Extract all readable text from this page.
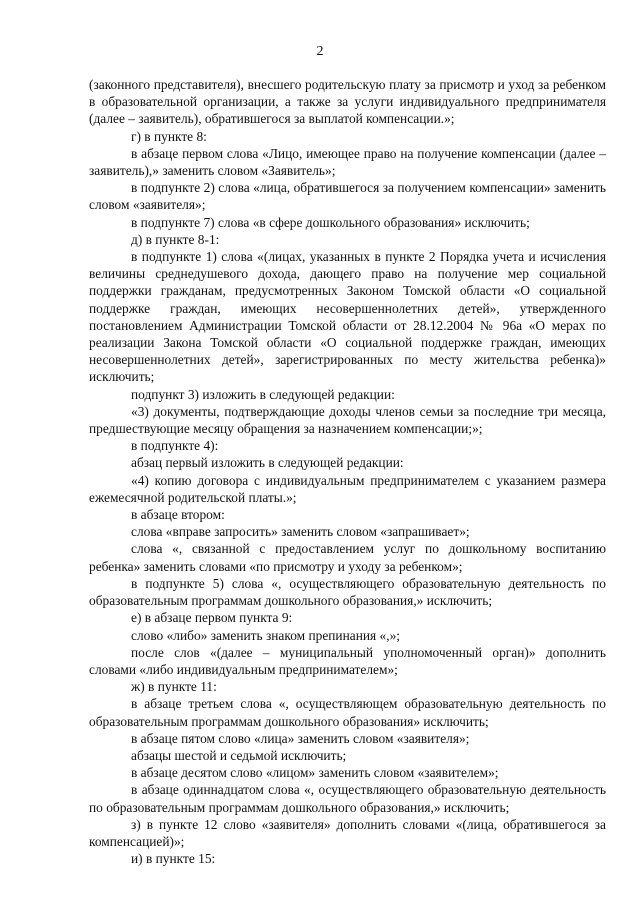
2

(законного представителя), внесшего родительскую плату за присмотр и уход за ребенком в образовательной организации, а также за услуги индивидуального предпринимателя (далее – заявитель), обратившегося за выплатой компенсации.»;

г) в пункте 8:

в абзаце первом слова «Лицо, имеющее право на получение компенсации (далее – заявитель),» заменить словом «Заявитель»;

в подпункте 2) слова «лица, обратившегося за получением компенсации» заменить словом «заявителя»;

в подпункте 7) слова «в сфере дошкольного образования» исключить;

д) в пункте 8-1:

в подпункте 1) слова «(лицах, указанных в пункте 2 Порядка учета и исчисления величины среднедушевого дохода, дающего право на получение мер социальной поддержки гражданам, предусмотренных Законом Томской области «О социальной поддержке граждан, имеющих несовершеннолетних детей», утвержденного постановлением Администрации Томской области от 28.12.2004 № 96а «О мерах по реализации Закона Томской области «О социальной поддержке граждан, имеющих несовершеннолетних детей», зарегистрированных по месту жительства ребенка)» исключить;

подпункт 3) изложить в следующей редакции:

«3) документы, подтверждающие доходы членов семьи за последние три месяца, предшествующие месяцу обращения за назначением компенсации;»;

в подпункте 4):

абзац первый изложить в следующей редакции:

«4) копию договора с индивидуальным предпринимателем с указанием размера ежемесячной родительской платы.»;

в абзаце втором:

слова «вправе запросить» заменить словом «запрашивает»;

слова «, связанной с предоставлением услуг по дошкольному воспитанию ребенка» заменить словами «по присмотру и уходу за ребенком»;

в подпункте 5) слова «, осуществляющего образовательную деятельность по образовательным программам дошкольного образования,» исключить;

е) в абзаце первом пункта 9:

слово «либо» заменить знаком препинания «,»;

после слов «(далее – муниципальный уполномоченный орган)» дополнить словами «либо индивидуальным предпринимателем»;

ж) в пункте 11:

в абзаце третьем слова «, осуществляющем образовательную деятельность по образовательным программам дошкольного образования» исключить;

в абзаце пятом слово «лица» заменить словом «заявителя»;

абзацы шестой и седьмой исключить;

в абзаце десятом слово «лицом» заменить словом «заявителем»;

в абзаце одиннадцатом слова «, осуществляющего образовательную деятельность по образовательным программам дошкольного образования,» исключить;

з) в пункте 12 слово «заявителя» дополнить словами «(лица, обратившегося за компенсацией)»;

и) в пункте 15:
